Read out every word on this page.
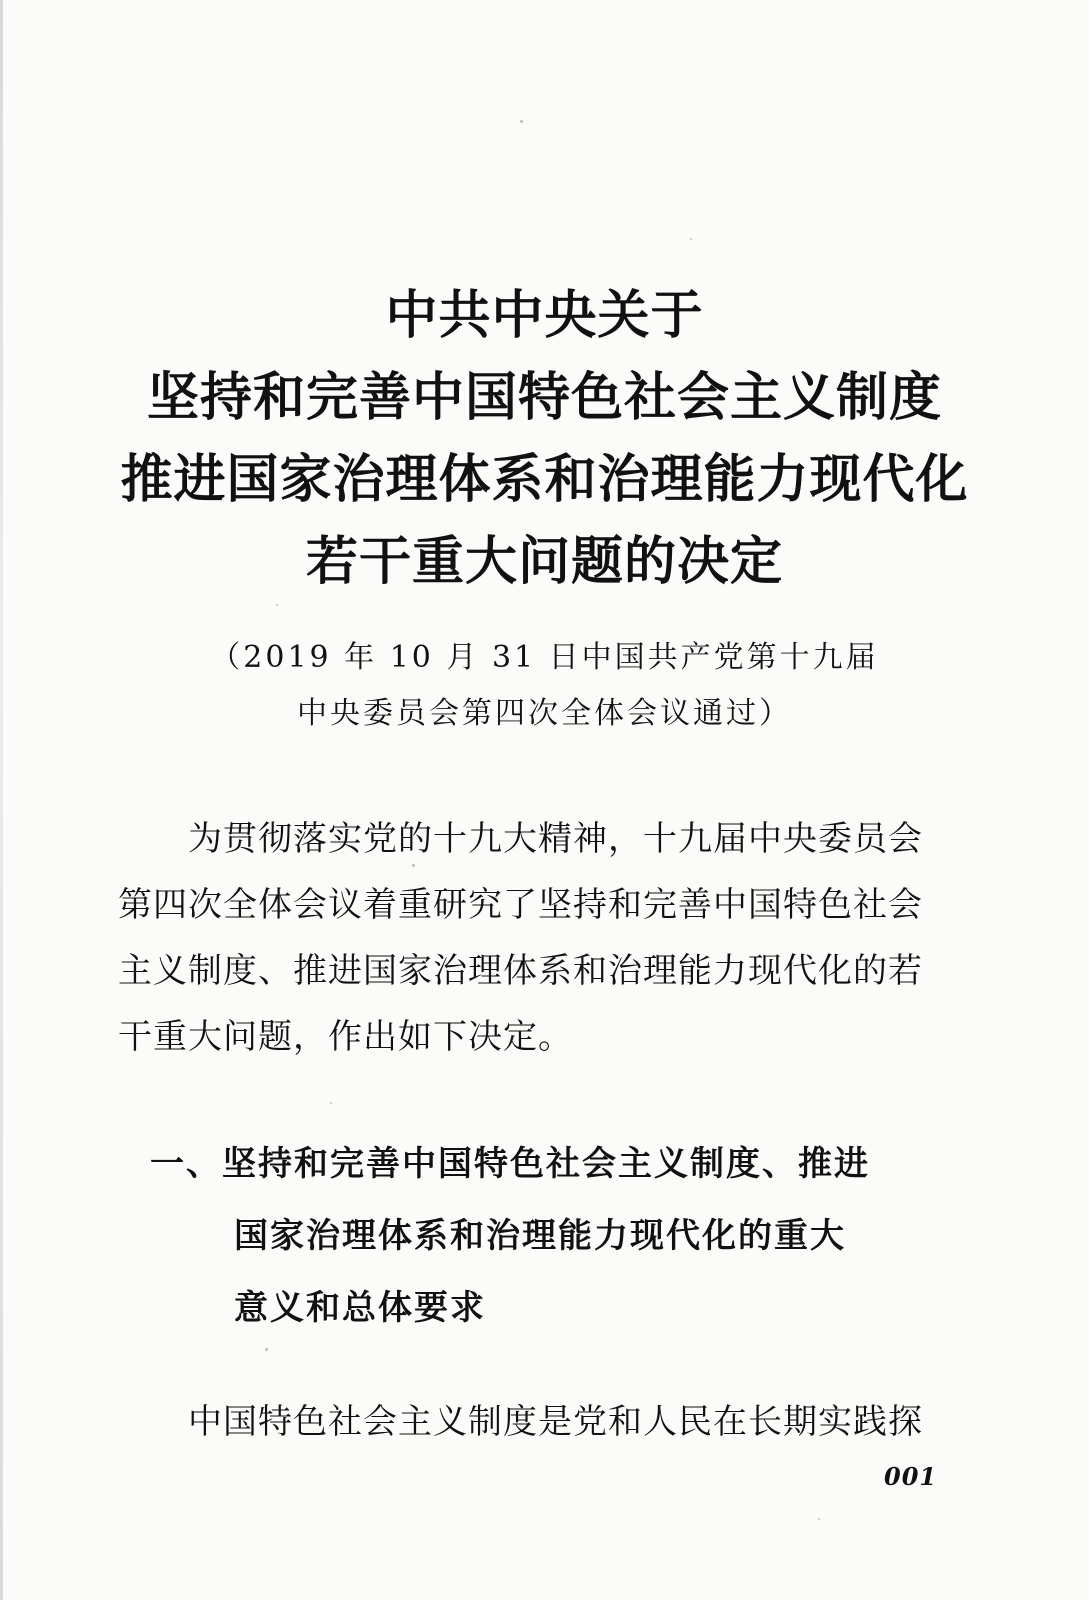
中共中央关于
坚持和完善中国特色社会主义制度
推进国家治理体系和治理能力现代化
若干重大问题的决定
（2019 年 10 月 31 日中国共产党第十九届
中央委员会第四次全体会议通过）
为贯彻落实党的十九大精神，十九届中央委员会
第四次全体会议着重研究了坚持和完善中国特色社会
主义制度、推进国家治理体系和治理能力现代化的若
干重大问题，作出如下决定。
一、坚持和完善中国特色社会主义制度、推进
国家治理体系和治理能力现代化的重大
意义和总体要求
中国特色社会主义制度是党和人民在长期实践探
001
